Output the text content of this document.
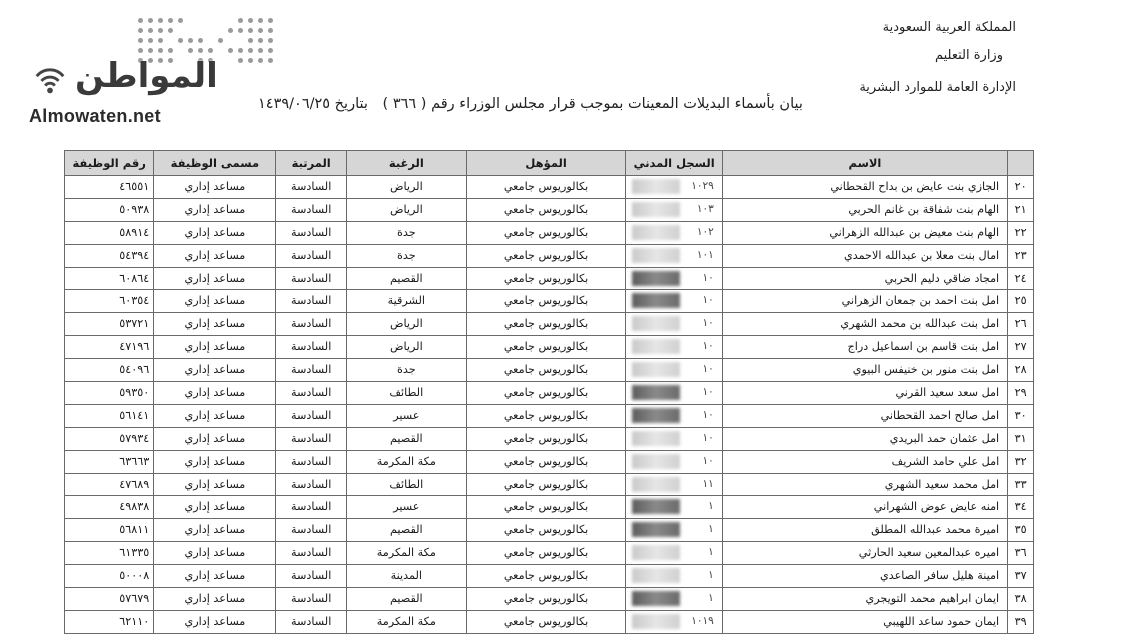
المملكة العربية السعودية
وزارة التعليم
الإدارة العامة للموارد البشرية
المواطن
Almowaten.net
بيان بأسماء البديلات المعينات بموجب قرار مجلس الوزراء رقم ( ٣٦٦ ) بتاريخ ١٤٣٩/٠٦/٢٥
	الاسم	السجل المدني	المؤهل	الرغبة	المرتبة	مسمى الوظيفة	رقم الوظيفة
٢٠	الجازي بنت عايض بن بداح القحطاني	١٠٢٩	بكالوريوس جامعي	الرياض	السادسة	مساعد إداري	٤٦٥٥١
٢١	الهام بنت شفاقة بن غانم الحربي	١٠٣	بكالوريوس جامعي	الرياض	السادسة	مساعد إداري	٥٠٩٣٨
٢٢	الهام بنت معيض بن عبدالله الزهراني	١٠٢	بكالوريوس جامعي	جدة	السادسة	مساعد إداري	٥٨٩١٤
٢٣	امال بنت معلا بن عبدالله الاحمدي	١٠١	بكالوريوس جامعي	جدة	السادسة	مساعد إداري	٥٤٣٩٤
٢٤	امجاد ضاقي دليم الحربي	١٠	بكالوريوس جامعي	القصيم	السادسة	مساعد إداري	٦٠٨٦٤
٢٥	امل بنت احمد بن جمعان الزهراني	١٠	بكالوريوس جامعي	الشرقية	السادسة	مساعد إداري	٦٠٣٥٤
٢٦	امل بنت عبدالله بن محمد الشهري	١٠	بكالوريوس جامعي	الرياض	السادسة	مساعد إداري	٥٣٧٢١
٢٧	امل بنت قاسم بن اسماعيل دراج	١٠	بكالوريوس جامعي	الرياض	السادسة	مساعد إداري	٤٧١٩٦
٢٨	امل بنت منور بن خنيفس البيوي	١٠	بكالوريوس جامعي	جدة	السادسة	مساعد إداري	٥٤٠٩٦
٢٩	امل سعد سعيد القرني	١٠	بكالوريوس جامعي	الطائف	السادسة	مساعد إداري	٥٩٣٥٠
٣٠	امل صالح احمد القحطاني	١٠	بكالوريوس جامعي	عسير	السادسة	مساعد إداري	٥٦١٤١
٣١	امل عثمان حمد البريدي	١٠	بكالوريوس جامعي	القصيم	السادسة	مساعد إداري	٥٧٩٣٤
٣٢	امل علي حامد الشريف	١٠	بكالوريوس جامعي	مكة المكرمة	السادسة	مساعد إداري	٦٣٦٦٣
٣٣	امل محمد سعيد الشهري	١١	بكالوريوس جامعي	الطائف	السادسة	مساعد إداري	٤٧٦٨٩
٣٤	امنه عايض عوض الشهراني	١	بكالوريوس جامعي	عسير	السادسة	مساعد إداري	٤٩٨٣٨
٣٥	اميرة محمد عبدالله المطلق	١	بكالوريوس جامعي	القصيم	السادسة	مساعد إداري	٥٦٨١١
٣٦	اميره عبدالمعين سعيد الحارثي	١	بكالوريوس جامعي	مكة المكرمة	السادسة	مساعد إداري	٦١٣٣٥
٣٧	امينة هليل سافر الصاعدي	١	بكالوريوس جامعي	المدينة	السادسة	مساعد إداري	٥٠٠٠٨
٣٨	ايمان ابراهيم محمد التويجري	١	بكالوريوس جامعي	القصيم	السادسة	مساعد إداري	٥٧٦٧٩
٣٩	ايمان حمود ساعد اللهيبي	١٠١٩	بكالوريوس جامعي	مكة المكرمة	السادسة	مساعد إداري	٦٢١١٠
